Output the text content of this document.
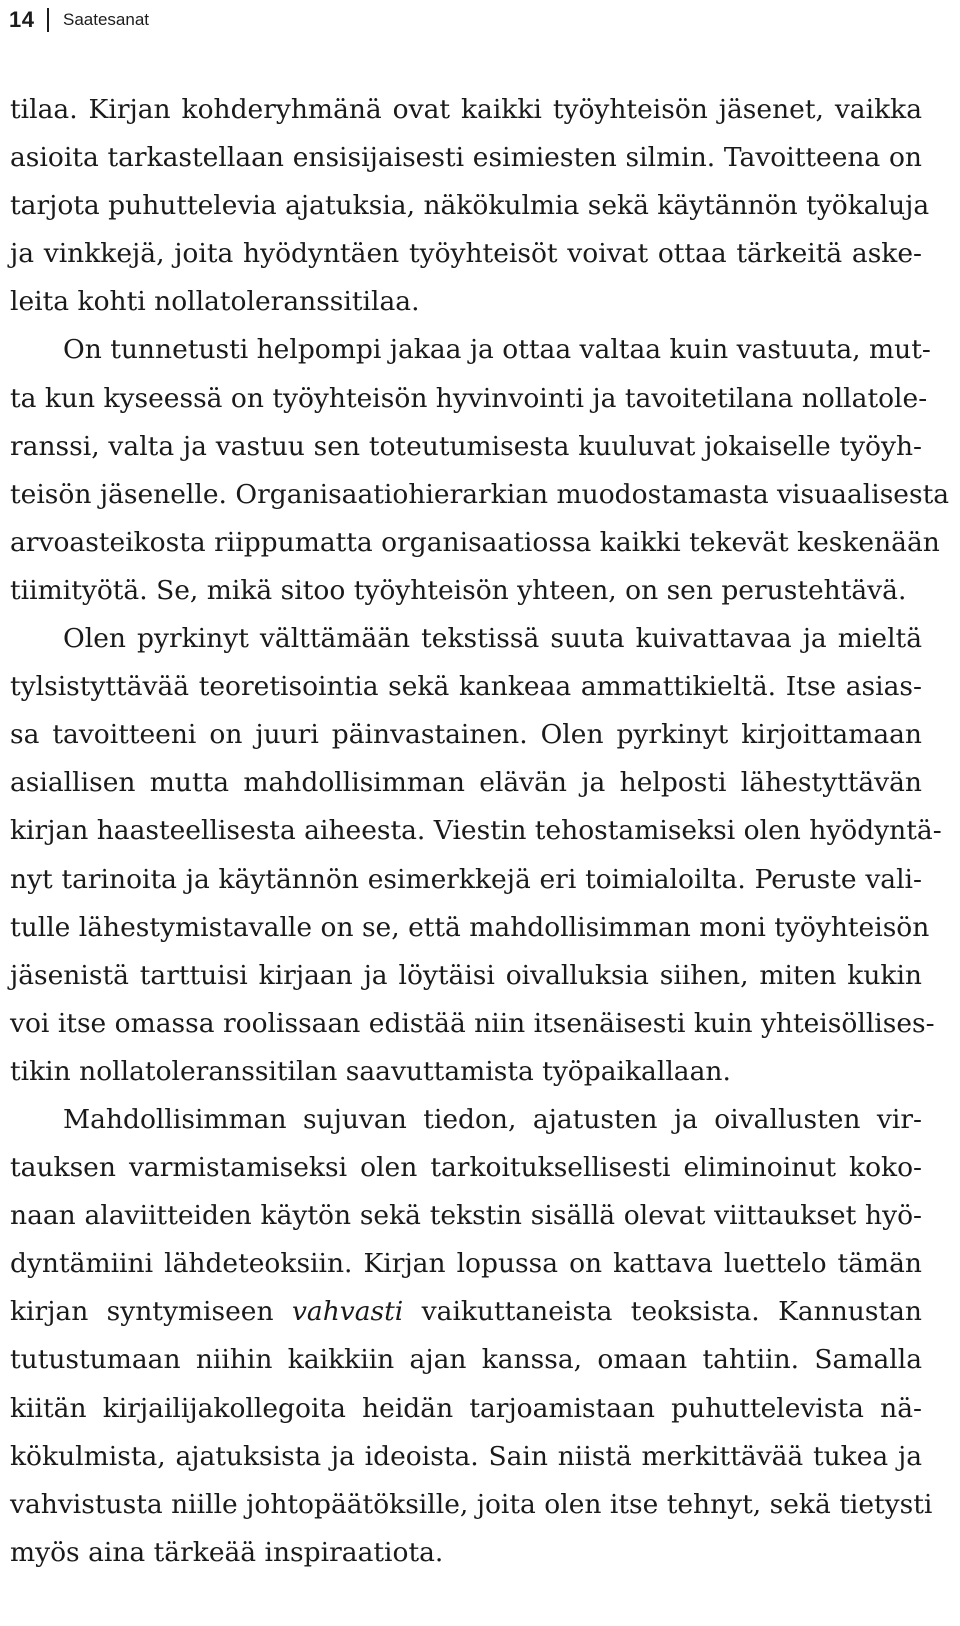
14 Saatesanat
tilaa. Kirjan kohderyhmänä ovat kaikki työyhteisön jäsenet, vaikka
asioita tarkastellaan ensisijaisesti esimiesten silmin. Tavoitteena on
tarjota puhuttelevia ajatuksia, näkökulmia sekä käytännön työkaluja
ja vinkkejä, joita hyödyntäen työyhteisöt voivat ottaa tärkeitä aske-
leita kohti nollatoleranssitilaa.
On tunnetusti helpompi jakaa ja ottaa valtaa kuin vastuuta, mut-
ta kun kyseessä on työyhteisön hyvinvointi ja tavoitetilana nollatole-
ranssi, valta ja vastuu sen toteutumisesta kuuluvat jokaiselle työyh-
teisön jäsenelle. Organisaatiohierarkian muodostamasta visuaalisesta
arvoasteikosta riippumatta organisaatiossa kaikki tekevät keskenään
tiimityötä. Se, mikä sitoo työyhteisön yhteen, on sen perustehtävä.
Olen pyrkinyt välttämään tekstissä suuta kuivattavaa ja mieltä
tylsistyttävää teoretisointia sekä kankeaa ammattikieltä. Itse asias-
sa tavoitteeni on juuri päinvastainen. Olen pyrkinyt kirjoittamaan
asiallisen mutta mahdollisimman elävän ja helposti lähestyttävän
kirjan haasteellisesta aiheesta. Viestin tehostamiseksi olen hyödyntä-
nyt tarinoita ja käytännön esimerkkejä eri toimialoilta. Peruste vali-
tulle lähestymistavalle on se, että mahdollisimman moni työyhteisön
jäsenistä tarttuisi kirjaan ja löytäisi oivalluksia siihen, miten kukin
voi itse omassa roolissaan edistää niin itsenäisesti kuin yhteisöllises-
tikin nollatoleranssitilan saavuttamista työpaikallaan.
Mahdollisimman sujuvan tiedon, ajatusten ja oivallusten vir-
tauksen varmistamiseksi olen tarkoituksellisesti eliminoinut koko-
naan alaviitteiden käytön sekä tekstin sisällä olevat viittaukset hyö-
dyntämiini lähdeteoksiin. Kirjan lopussa on kattava luettelo tämän
kirjan syntymiseen vahvasti vaikuttaneista teoksista. Kannustan
tutustumaan niihin kaikkiin ajan kanssa, omaan tahtiin. Samalla
kiitän kirjailijakollegoita heidän tarjoamistaan puhuttelevista nä-
kökulmista, ajatuksista ja ideoista. Sain niistä merkittävää tukea ja
vahvistusta niille johtopäätöksille, joita olen itse tehnyt, sekä tietysti
myös aina tärkeää inspiraatiota.
